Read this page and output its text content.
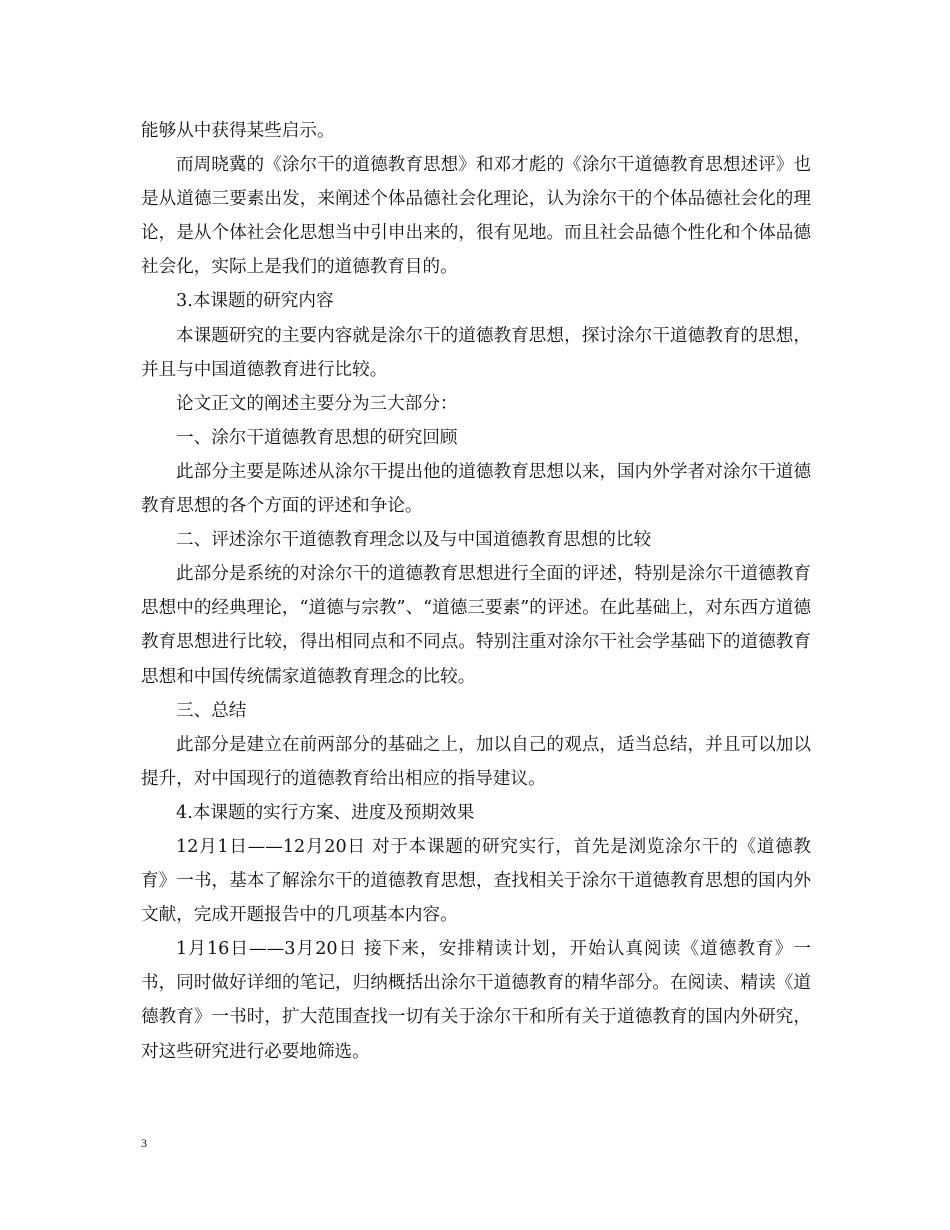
能够从中获得某些启示。

而周晓冀的《涂尔干的道德教育思想》和邓才彪的《涂尔干道德教育思想述评》也是从道德三要素出发，来阐述个体品德社会化理论，认为涂尔干的个体品德社会化的理论，是从个体社会化思想当中引申出来的，很有见地。而且社会品德个性化和个体品德社会化，实际上是我们的道德教育目的。

3.本课题的研究内容

本课题研究的主要内容就是涂尔干的道德教育思想，探讨涂尔干道德教育的思想，并且与中国道德教育进行比较。

论文正文的阐述主要分为三大部分：

一、涂尔干道德教育思想的研究回顾

此部分主要是陈述从涂尔干提出他的道德教育思想以来，国内外学者对涂尔干道德教育思想的各个方面的评述和争论。

二、评述涂尔干道德教育理念以及与中国道德教育思想的比较

此部分是系统的对涂尔干的道德教育思想进行全面的评述，特别是涂尔干道德教育思想中的经典理论，“道德与宗教”、“道德三要素”的评述。在此基础上，对东西方道德教育思想进行比较，得出相同点和不同点。特别注重对涂尔干社会学基础下的道德教育思想和中国传统儒家道德教育理念的比较。

三、总结

此部分是建立在前两部分的基础之上，加以自己的观点，适当总结，并且可以加以提升，对中国现行的道德教育给出相应的指导建议。

4.本课题的实行方案、进度及预期效果

12月1日——12月20日 对于本课题的研究实行，首先是浏览涂尔干的《道德教育》一书，基本了解涂尔干的道德教育思想，查找相关于涂尔干道德教育思想的国内外文献，完成开题报告中的几项基本内容。

1月16日——3月20日 接下来，安排精读计划，开始认真阅读《道德教育》一书，同时做好详细的笔记，归纳概括出涂尔干道德教育的精华部分。在阅读、精读《道德教育》一书时，扩大范围查找一切有关于涂尔干和所有关于道德教育的国内外研究，对这些研究进行必要地筛选。

3
